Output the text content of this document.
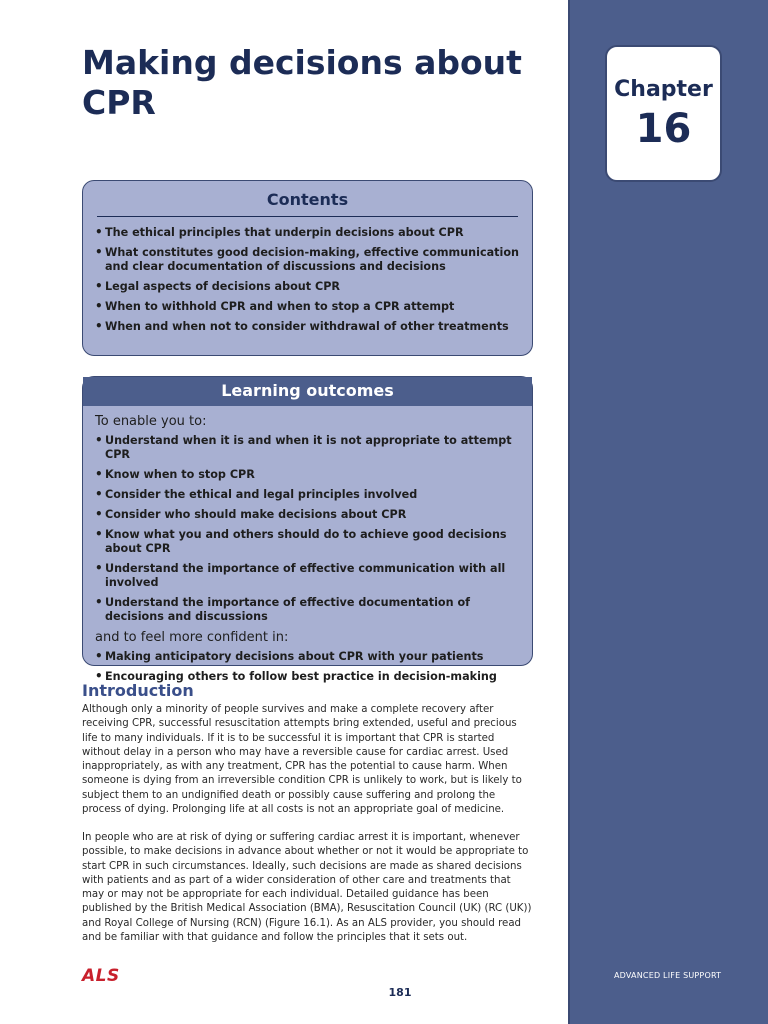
Chapter
16
Making decisions about CPR
Contents
• The ethical principles that underpin decisions about CPR
• What constitutes good decision-making, effective communication and clear documentation of discussions and decisions
• Legal aspects of decisions about CPR
• When to withhold CPR and when to stop a CPR attempt
• When and when not to consider withdrawal of other treatments
Learning outcomes

To enable you to:

• Understand when it is and when it is not appropriate to attempt CPR
• Know when to stop CPR
• Consider the ethical and legal principles involved
• Consider who should make decisions about CPR
• Know what you and others should do to achieve good decisions about CPR
• Understand the importance of effective communication with all involved
• Understand the importance of effective documentation of decisions and discussions

and to feel more confident in:

• Making anticipatory decisions about CPR with your patients
• Encouraging others to follow best practice in decision-making
Introduction

Although only a minority of people survives and make a complete recovery after receiving CPR, successful resuscitation attempts bring extended, useful and precious life to many individuals. If it is to be successful it is important that CPR is started without delay in a person who may have a reversible cause for cardiac arrest. Used inappropriately, as with any treatment, CPR has the potential to cause harm. When someone is dying from an irreversible condition CPR is unlikely to work, but is likely to subject them to an undignified death or possibly cause suffering and prolong the process of dying. Prolonging life at all costs is not an appropriate goal of medicine.

In people who are at risk of dying or suffering cardiac arrest it is important, whenever possible, to make decisions in advance about whether or not it would be appropriate to start CPR in such circumstances. Ideally, such decisions are made as shared decisions with patients and as part of a wider consideration of other care and treatments that may or may not be appropriate for each individual. Detailed guidance has been published by the British Medical Association (BMA), Resuscitation Council (UK) (RC (UK)) and Royal College of Nursing (RCN) (Figure 16.1). As an ALS provider, you should read and be familiar with that guidance and follow the principles that it sets out.

ALS
181
ADVANCED LIFE SUPPORT
